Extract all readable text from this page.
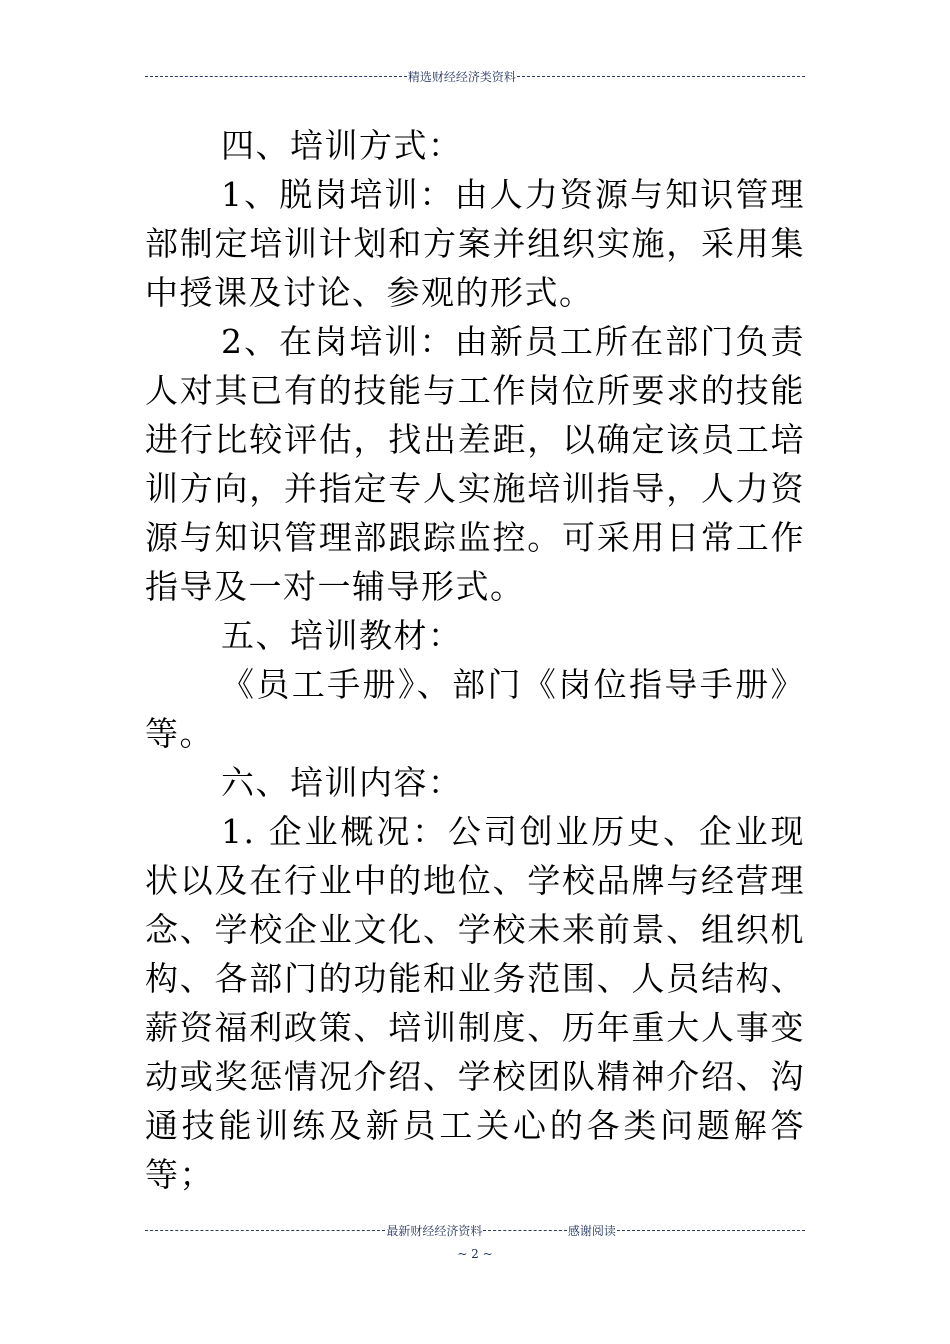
精选财经经济类资料

四、培训方式：

1、脱岗培训：由人力资源与知识管理部制定培训计划和方案并组织实施，采用集中授课及讨论、参观的形式。

2、在岗培训：由新员工所在部门负责人对其已有的技能与工作岗位所要求的技能进行比较评估，找出差距，以确定该员工培训方向，并指定专人实施培训指导，人力资源与知识管理部跟踪监控。可采用日常工作指导及一对一辅导形式。

五、培训教材：

《员工手册》、部门《岗位指导手册》等。

六、培训内容：

1. 企业概况：公司创业历史、企业现状以及在行业中的地位、学校品牌与经营理念、学校企业文化、学校未来前景、组织机构、各部门的功能和业务范围、人员结构、薪资福利政策、培训制度、历年重大人事变动或奖惩情况介绍、学校团队精神介绍、沟通技能训练及新员工关心的各类问题解答等；

最新财经经济资料	感谢阅读
~ 2 ~
